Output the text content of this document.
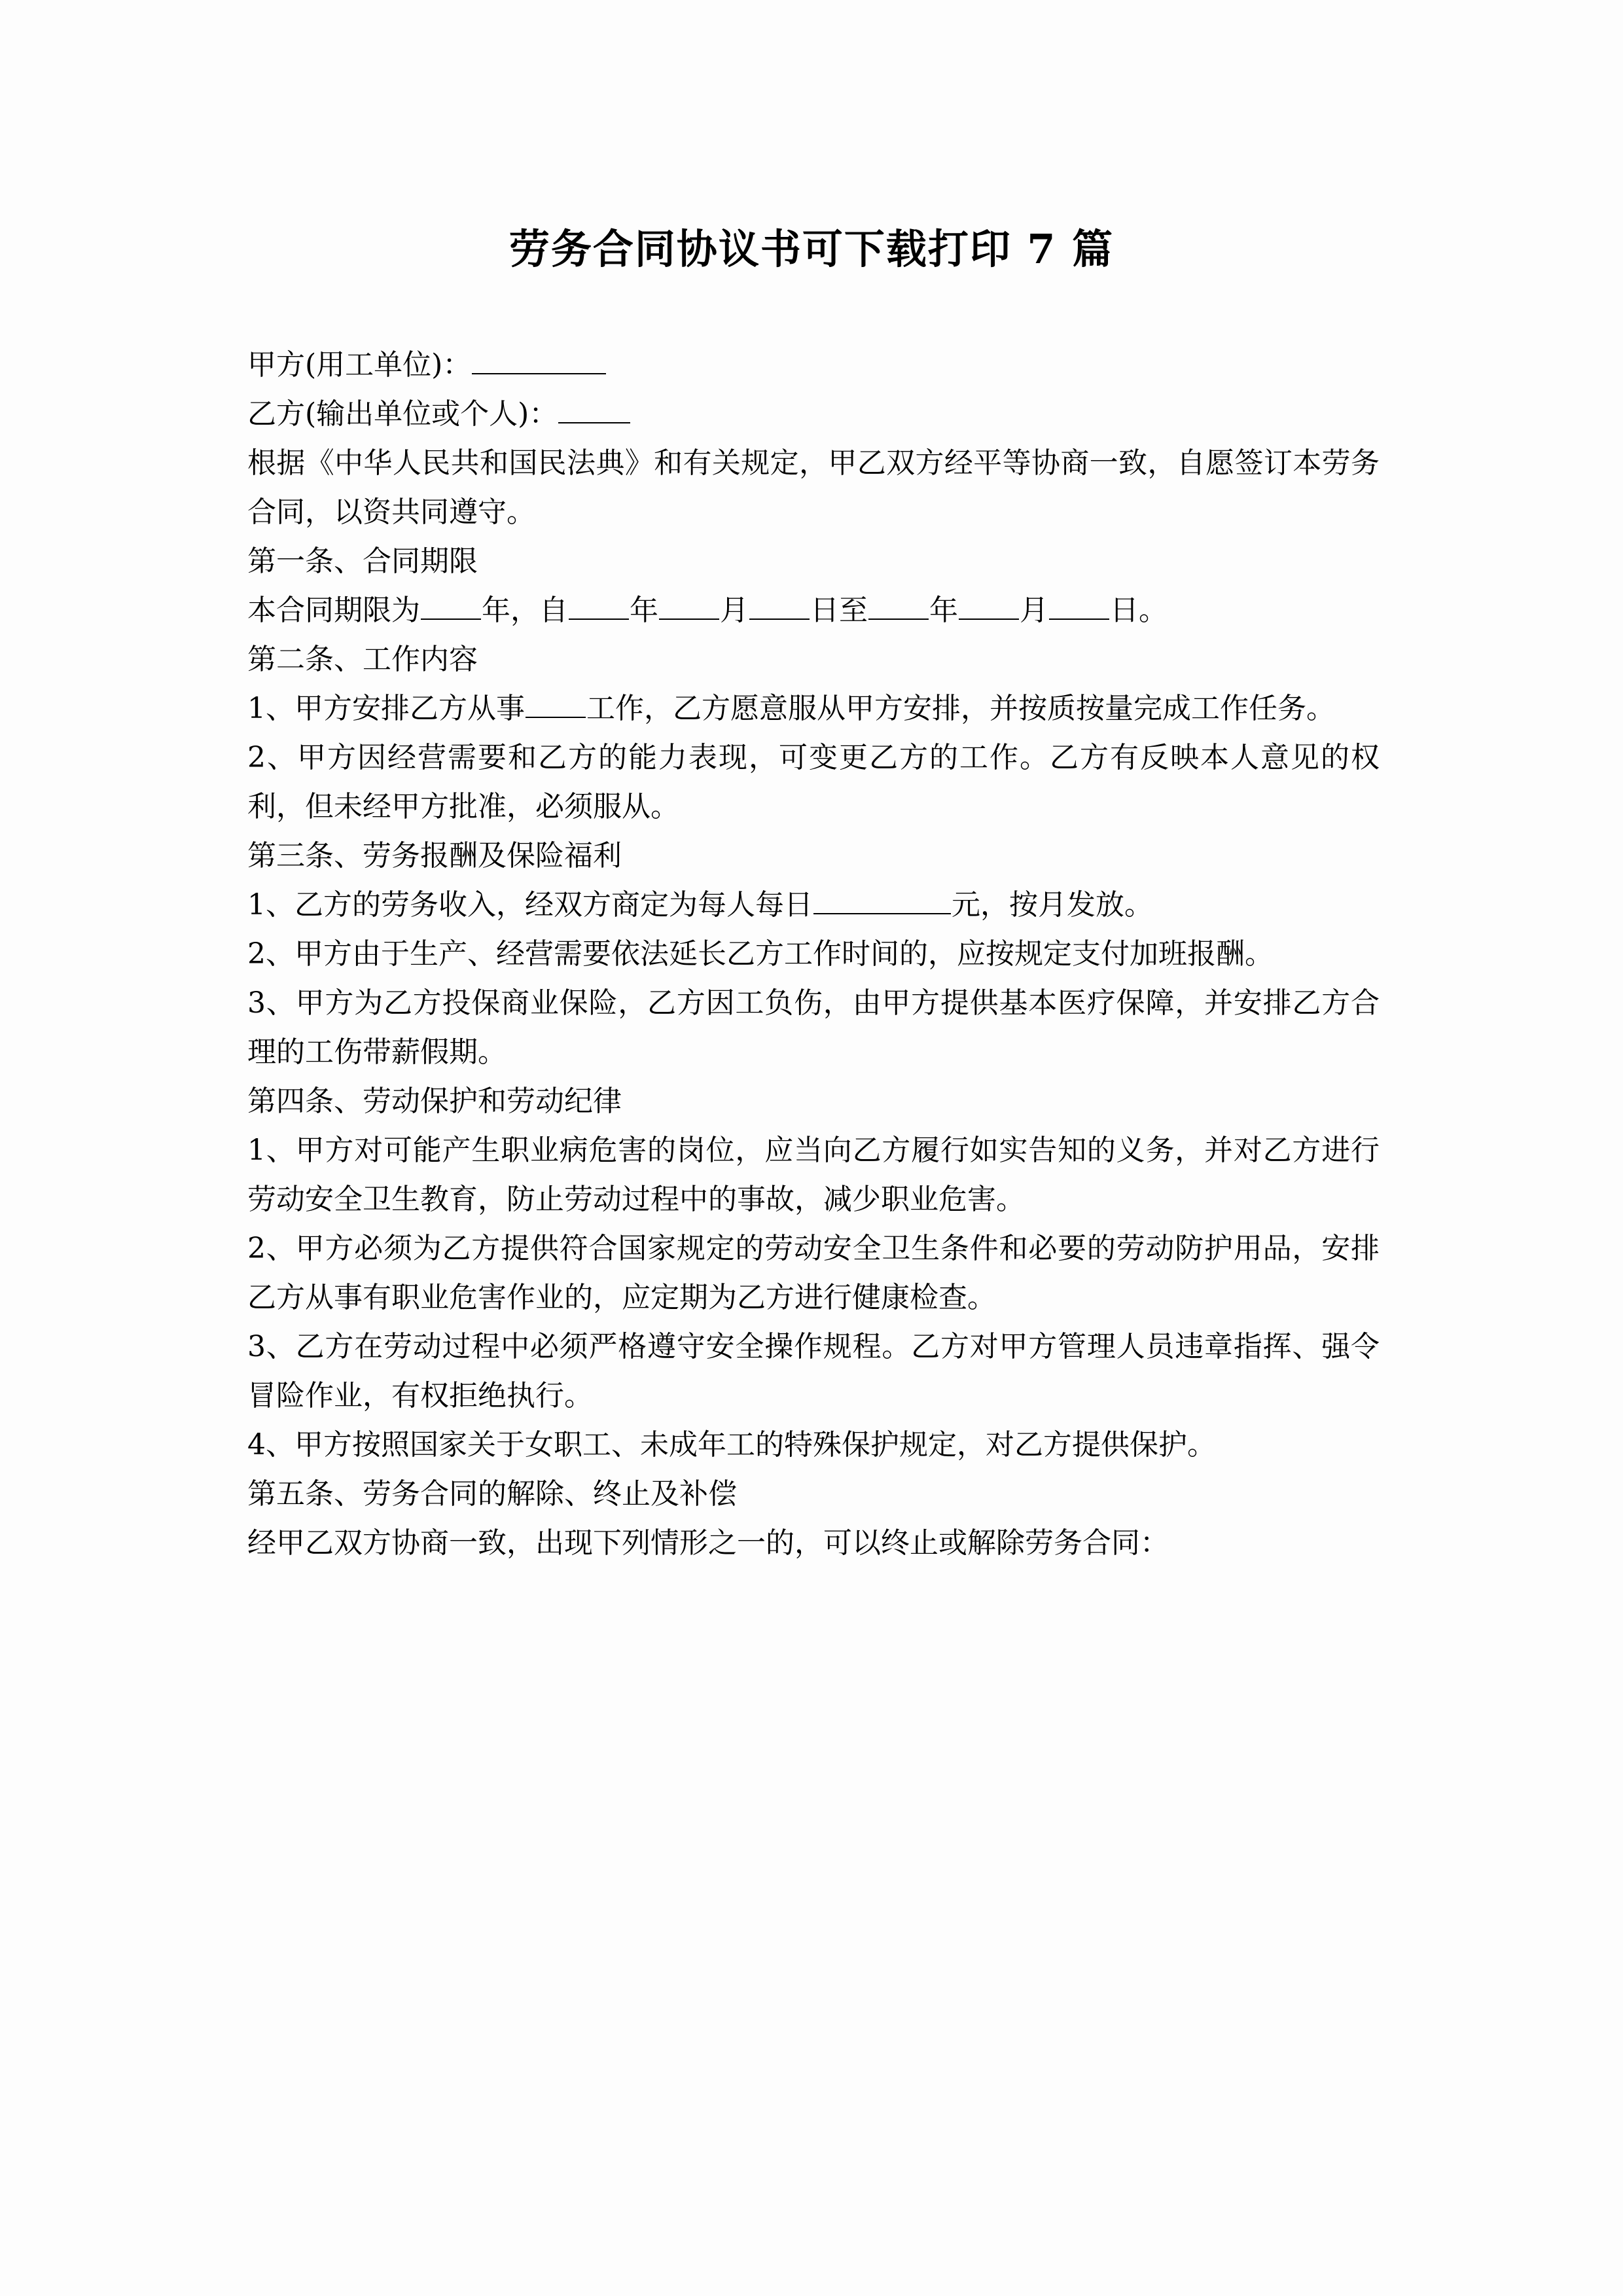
劳务合同协议书可下载打印 7 篇

甲方(用工单位)：

乙方(输出单位或个人)：

根据《中华人民共和国民法典》和有关规定，甲乙双方经平等协商一致，自愿签订本劳务合同，以资共同遵守。

第一条、合同期限

本合同期限为 年，自 年 月 日至 年 月 日。

第二条、工作内容

1、甲方安排乙方从事 工作，乙方愿意服从甲方安排，并按质按量完成工作任务。

2、甲方因经营需要和乙方的能力表现，可变更乙方的工作。乙方有反映本人意见的权利，但未经甲方批准，必须服从。

第三条、劳务报酬及保险福利

1、乙方的劳务收入，经双方商定为每人每日	元，按月发放。

2、甲方由于生产、经营需要依法延长乙方工作时间的，应按规定支付加班报酬。

3、甲方为乙方投保商业保险，乙方因工负伤，由甲方提供基本医疗保障，并安排乙方合理的工伤带薪假期。

第四条、劳动保护和劳动纪律

1、甲方对可能产生职业病危害的岗位，应当向乙方履行如实告知的义务，并对乙方进行劳动安全卫生教育，防止劳动过程中的事故，减少职业危害。

2、甲方必须为乙方提供符合国家规定的劳动安全卫生条件和必要的劳动防护用品，安排乙方从事有职业危害作业的，应定期为乙方进行健康检查。

3、乙方在劳动过程中必须严格遵守安全操作规程。乙方对甲方管理人员违章指挥、强令冒险作业，有权拒绝执行。

4、甲方按照国家关于女职工、未成年工的特殊保护规定，对乙方提供保护。

第五条、劳务合同的解除、终止及补偿

经甲乙双方协商一致，出现下列情形之一的，可以终止或解除劳务合同：
